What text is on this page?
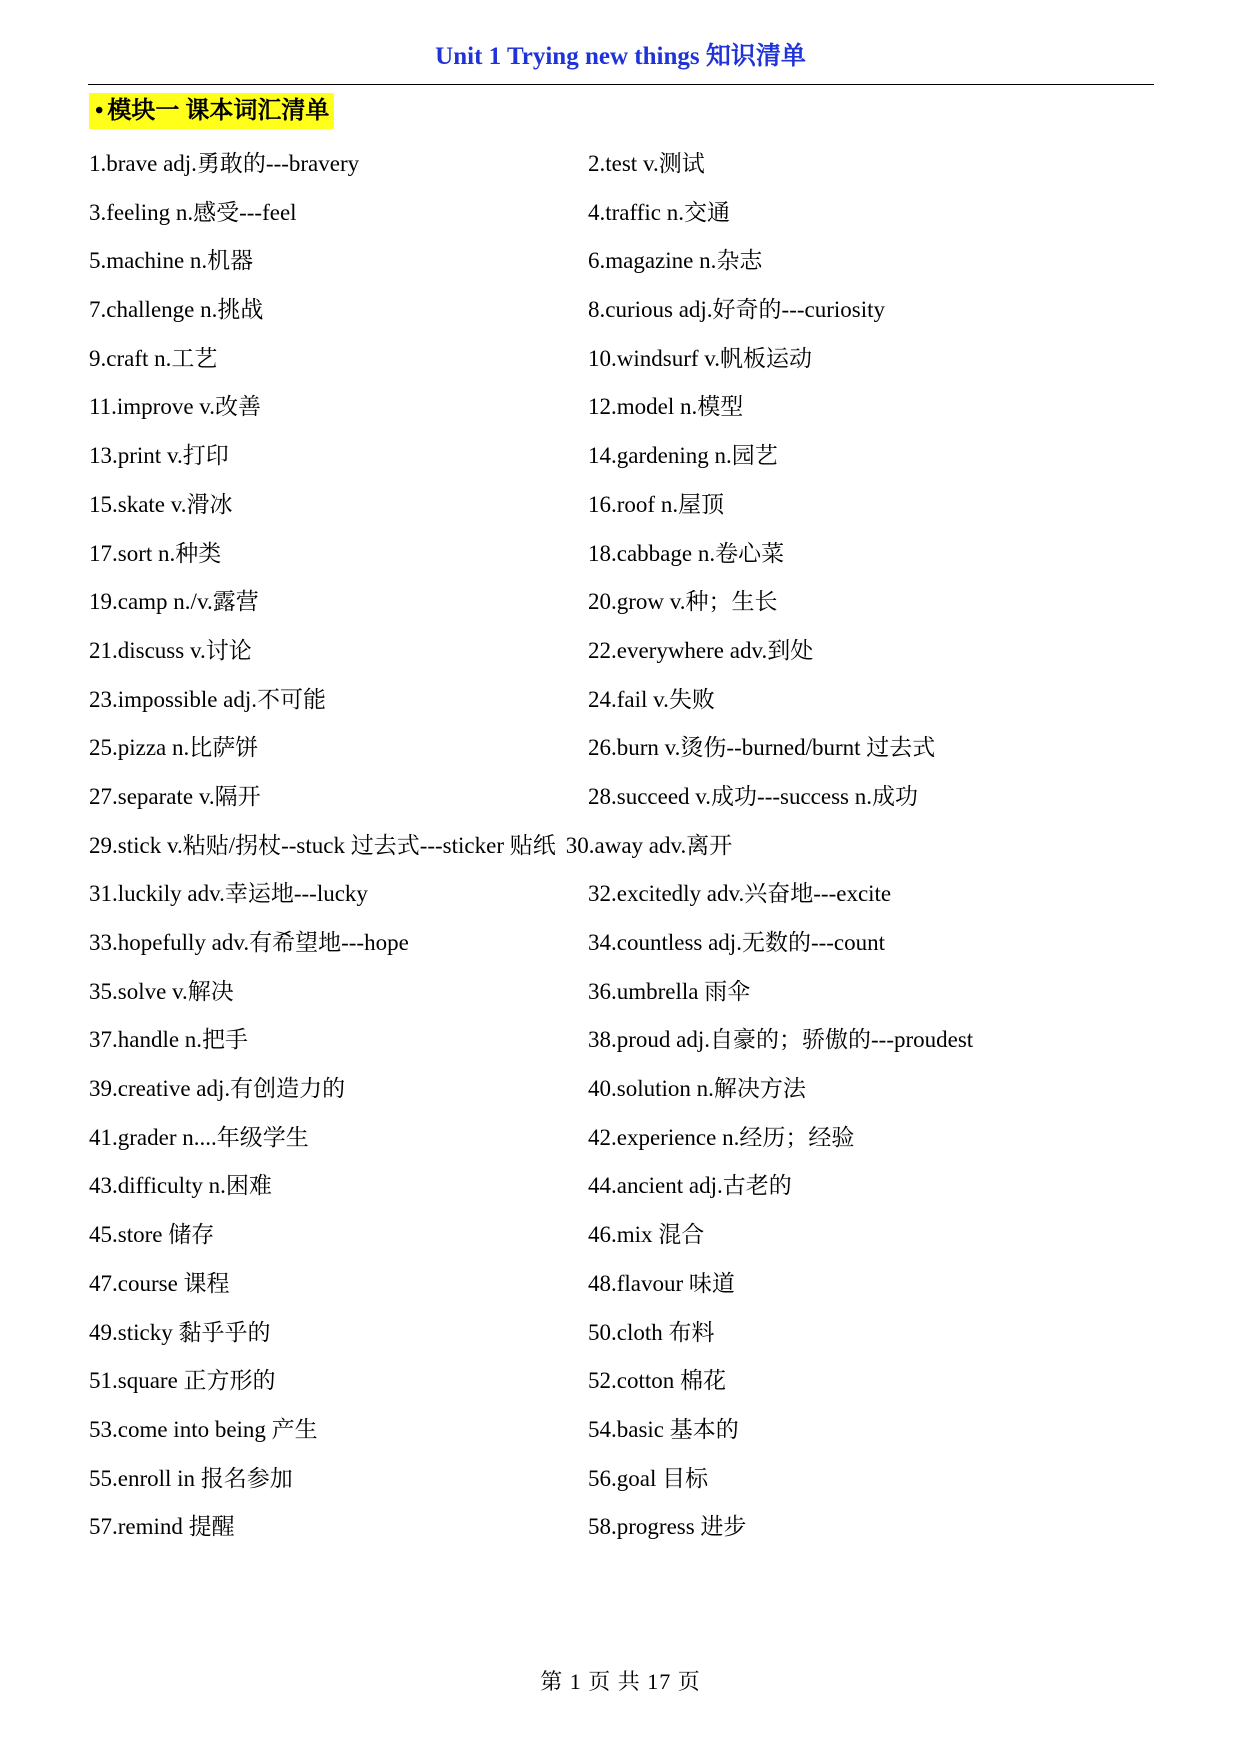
Unit 1 Trying new things 知识清单
• 模块一 课本词汇清单
1.brave adj.勇敢的---bravery	2.test v.测试
3.feeling n.感受---feel	4.traffic n.交通
5.machine n.机器	6.magazine n.杂志
7.challenge n.挑战	8.curious adj.好奇的---curiosity
9.craft n.工艺	10.windsurf v.帆板运动
11.improve v.改善	12.model n.模型
13.print v.打印	14.gardening n.园艺
15.skate v.滑冰	16.roof n.屋顶
17.sort n.种类	18.cabbage n.卷心菜
19.camp n./v.露营	20.grow v.种；生长
21.discuss v.讨论	22.everywhere adv.到处
23.impossible adj.不可能	24.fail v.失败
25.pizza n.比萨饼	26.burn v.烫伤--burned/burnt 过去式
27.separate v.隔开	28.succeed v.成功---success n.成功
29.stick v.粘贴/拐杖--stuck 过去式---sticker 贴纸 30.away adv.离开
31.luckily adv.幸运地---lucky	32.excitedly adv.兴奋地---excite
33.hopefully adv.有希望地---hope	34.countless adj.无数的---count
35.solve v.解决	36.umbrella 雨伞
37.handle n.把手	38.proud adj.自豪的；骄傲的---proudest
39.creative adj.有创造力的	40.solution n.解决方法
41.grader n....年级学生	42.experience n.经历；经验
43.difficulty n.困难	44.ancient adj.古老的
45.store 储存	46.mix 混合
47.course 课程	48.flavour 味道
49.sticky 黏乎乎的	50.cloth 布料
51.square 正方形的	52.cotton 棉花
53.come into being 产生	54.basic 基本的
55.enroll in 报名参加	56.goal 目标
57.remind 提醒	58.progress 进步
第 1 页 共 17 页
